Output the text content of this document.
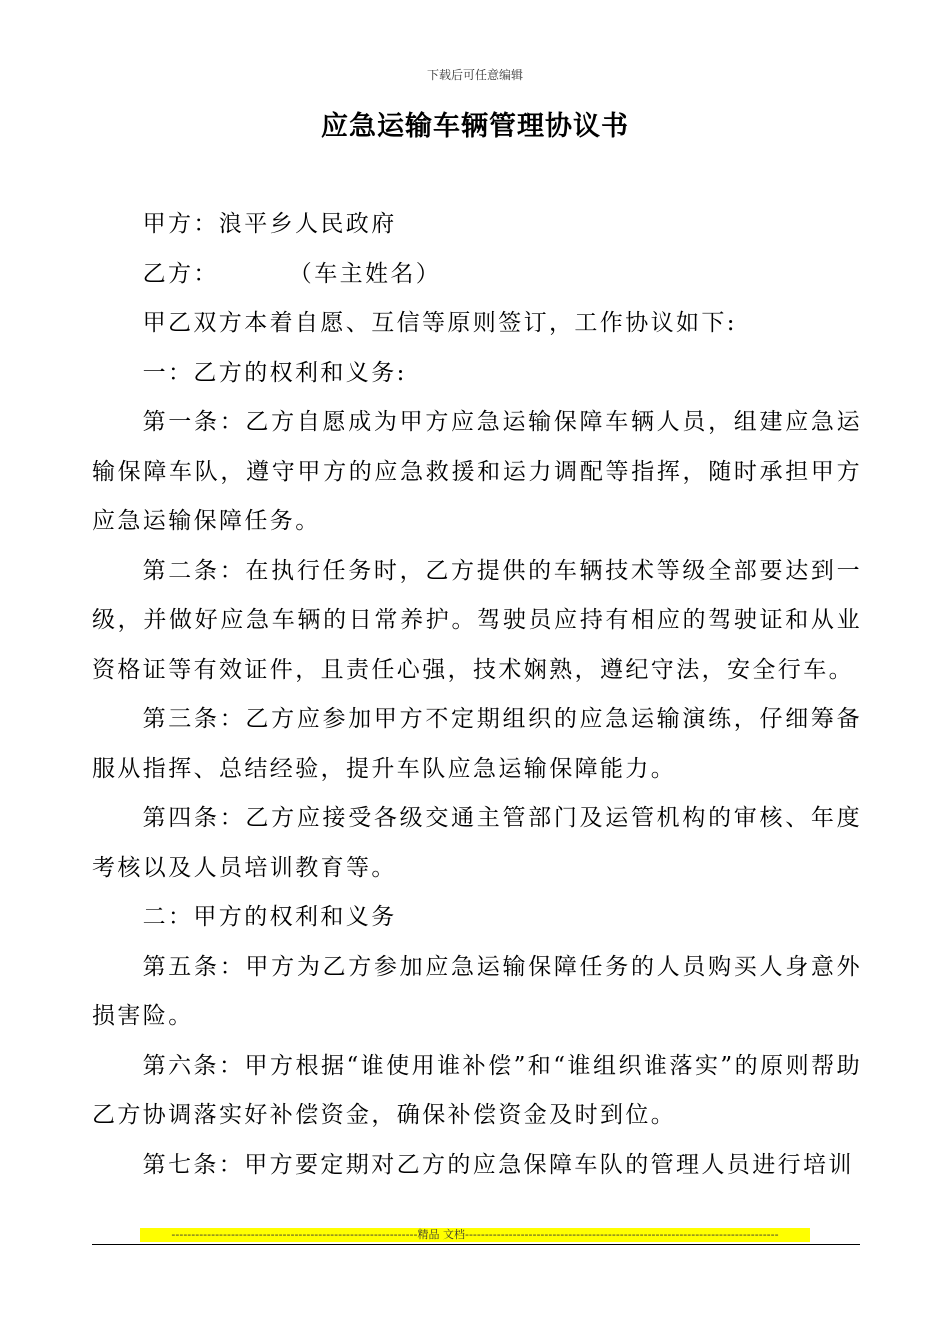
下载后可任意编辑
应急运输车辆管理协议书

甲方：浪平乡人民政府

乙方：	（车主姓名）

甲乙双方本着自愿、互信等原则签订，工作协议如下:

一：乙方的权利和义务:

第一条：乙方自愿成为甲方应急运输保障车辆人员，组建应急运输保障车队，遵守甲方的应急救援和运力调配等指挥，随时承担甲方应急运输保障任务。

第二条：在执行任务时，乙方提供的车辆技术等级全部要达到一级，并做好应急车辆的日常养护。驾驶员应持有相应的驾驶证和从业资格证等有效证件，且责任心强，技术娴熟，遵纪守法，安全行车。

第三条：乙方应参加甲方不定期组织的应急运输演练，仔细筹备服从指挥、总结经验，提升车队应急运输保障能力。

第四条：乙方应接受各级交通主管部门及运管机构的审核、年度考核以及人员培训教育等。

二：甲方的权利和义务

第五条：甲方为乙方参加应急运输保障任务的人员购买人身意外损害险。

第六条：甲方根据“谁使用谁补偿”和“谁组织谁落实”的原则帮助乙方协调落实好补偿资金，确保补偿资金及时到位。

第七条：甲方要定期对乙方的应急保障车队的管理人员进行培训

--------------------------------------------------------------精品 文档-------------------------------------------------------------------------------
